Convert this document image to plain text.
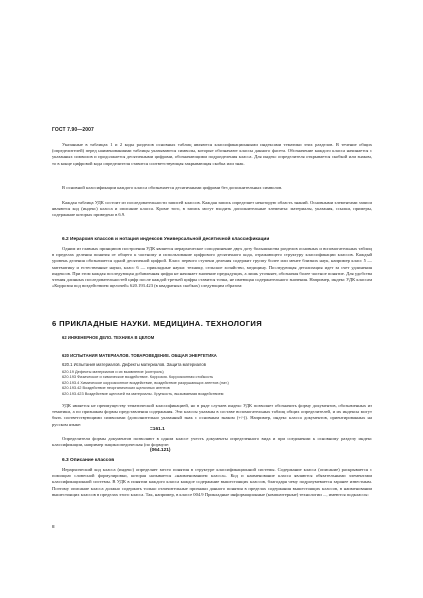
ГОСТ 7.90—2007

Указанные в таблицах 1 и 2 коды разделов основных таблиц являются классификационными индексами тематики этих разделов. В течение общих (определителей) перед наименованиями таблицы указываются символы, которые обозначают классы данного фасета. Обозначение каждого класса начинается с указанных символов и продолжается десятичными цифрами, обозначающими подразделения класса. Для индекс определителя открывается скобкой или знаком, то в конце цифровой кода определителя ставится соответствующая закрывающая скобка или знак.

В основной классификации каждого класса обозначается десятичными цифрами без дополнительных символов.

Каждая таблица УДК состоит из последовательности записей классов. Каждая запись определяет некоторую область знаний. Основными элементами записи являются код (индекс) класса и описание класса. Кроме того, в запись могут входить дополнительные элементы: материалы, указания, ссылки, примеры, содержание которых приведено в 6.9.

6.2 Иерархия классов и нотация индексов Универсальной десятичной классификации

Одним из главных принципов построения УДК является иерархическое соподчинение двух доту большинства разделов основных и вспомогательных таблиц в пределах деления понятия от общего к частному и использование цифрового десятичного кода, отражающего структуру классификации классов. Каждый уровень деления обозначается одной десятичной цифрой. Класс первого ступени деления содержит группу более или менее близких наук, например класс 5 — математику и естественные науки, класс 6 — прикладные науки: технику, сельское хозяйство, медицину. Последующая детализация идет за счет удлинения индексов. При этом каждая последующая добавленная цифра не начинает значение предыдущих, а лишь уточняет, обозначая более частное понятие. Для удобства чтения длинных последовательностей цифр после каждой третьей цифры ставится точка, не имеющая содержательного значения. Например, индекс УДК классам «Коррозия под воздействием щелочей» 620.193.423 (в квадратных скобках) следующим образом:

6 ПРИКЛАДНЫЕ НАУКИ. МЕДИЦИНА. ТЕХНОЛОГИЯ

62 ИНЖЕНЕРНОЕ ДЕЛО. ТЕХНИКА В ЦЕЛОМ

620 ИСПЫТАНИЯ МАТЕРИАЛОВ. ТОВАРОВЕДЕНИЕ. ОБЩАЯ ЭНЕРГЕТИКА

620.1 Испытания материалов. Дефекты материалов. Защита материалов

620.19 Дефекты материалов и их выявление (контроль)
620.193 Физическое и химическое воздействие. Коррозия. Коррозионная стойкость
620.193.4 Химическое коррозионное воздействие, воздействие разрушающих агентов (лат.)
620.193.42 Воздействие неорганических щелочных агентов
620.193.423 Воздействие щелочей на материалы. Хрупкость, вызываемая воздействием

УДК является не преимуществу тематической классификацией, но в ряде случаев индекс УДК позволяет обозначить форму документов, обозначенных из тематики, а по признакам формы представления содержания. Эти классы указаны в составе вспомогательных таблиц общих определителей, и их индексы могут быть соответствующими символами (дополнительно указанный знак с основным знаком (+/-)). Например, индекс класса документов, ориентированных на русском языке:

=161.1

Определители формы документов позволяют в одном классе учесть документы определенного вида и при соединении к основному разделу индекс классификации, например энциклопедическая (по формуле:

(064.121)

6.3 Описание классов

Иерархический код класса (индекс) определяет место понятия в структуре классификационной системы. Содержание класса (описание) раскрывается с помощью словесной формулировки, которая называется «наименованием класса». Код и наименование класса являются обязательными элементами классификационной системы. В УДК в понятии каждого класса каждое содержание вышестоящих классов, благодаря чему подразумевается заранее известным. Поэтому описание класса должно содержать только отличительные признаки данного понятия в пределах содержания вышестоящих классов, в наименовании вышестоящих классов в пределах этого класса. Так, например, в классе 004.9 Прикладные информационные (компьютерные) технологии ..., имеются подклассы:

8
